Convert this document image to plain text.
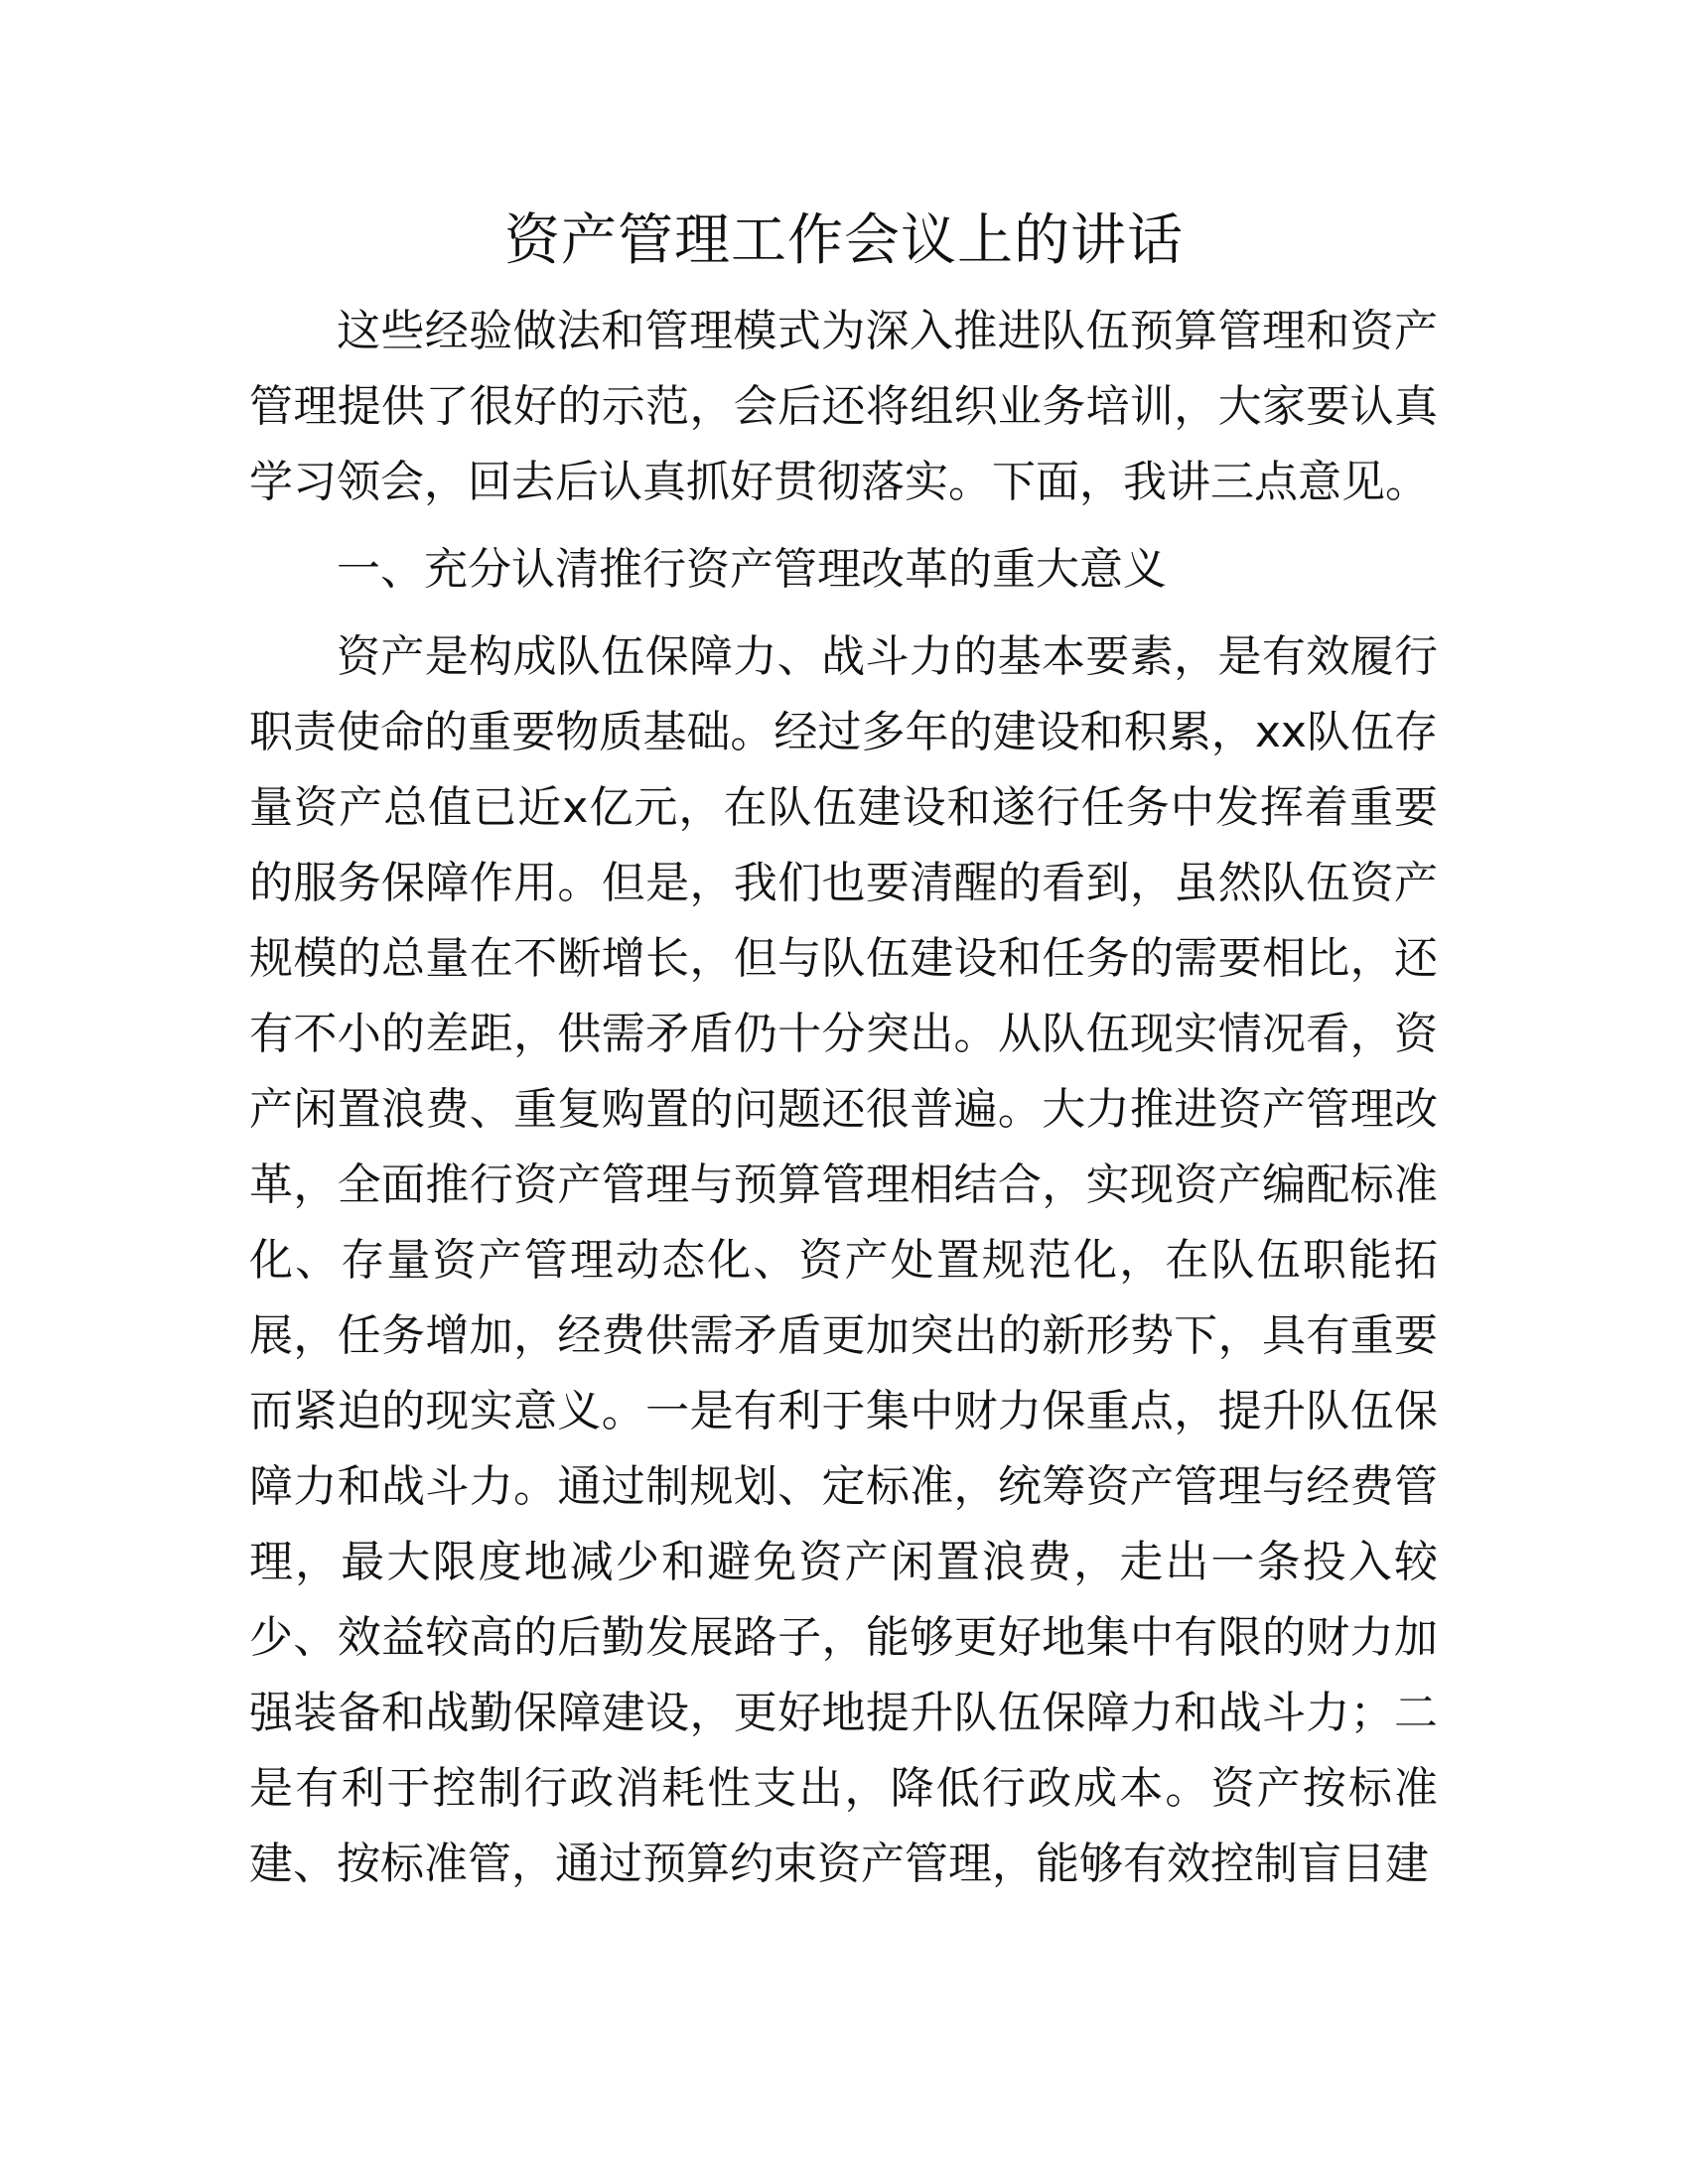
资产管理工作会议上的讲话

这些经验做法和管理模式为深入推进队伍预算管理和资产管理提供了很好的示范，会后还将组织业务培训，大家要认真学习领会，回去后认真抓好贯彻落实。下面，我讲三点意见。

一、充分认清推行资产管理改革的重大意义

资产是构成队伍保障力、战斗力的基本要素，是有效履行职责使命的重要物质基础。经过多年的建设和积累，xx队伍存量资产总值已近x亿元，在队伍建设和遂行任务中发挥着重要的服务保障作用。但是，我们也要清醒的看到，虽然队伍资产规模的总量在不断增长，但与队伍建设和任务的需要相比，还有不小的差距，供需矛盾仍十分突出。从队伍现实情况看，资产闲置浪费、重复购置的问题还很普遍。大力推进资产管理改革，全面推行资产管理与预算管理相结合，实现资产编配标准化、存量资产管理动态化、资产处置规范化，在队伍职能拓展，任务增加，经费供需矛盾更加突出的新形势下，具有重要而紧迫的现实意义。一是有利于集中财力保重点，提升队伍保障力和战斗力。通过制规划、定标准，统筹资产管理与经费管理，最大限度地减少和避免资产闲置浪费，走出一条投入较少、效益较高的后勤发展路子，能够更好地集中有限的财力加强装备和战勤保障建设，更好地提升队伍保障力和战斗力；二是有利于控制行政消耗性支出，降低行政成本。资产按标准建、按标准管，通过预算约束资产管理，能够有效控制盲目建
